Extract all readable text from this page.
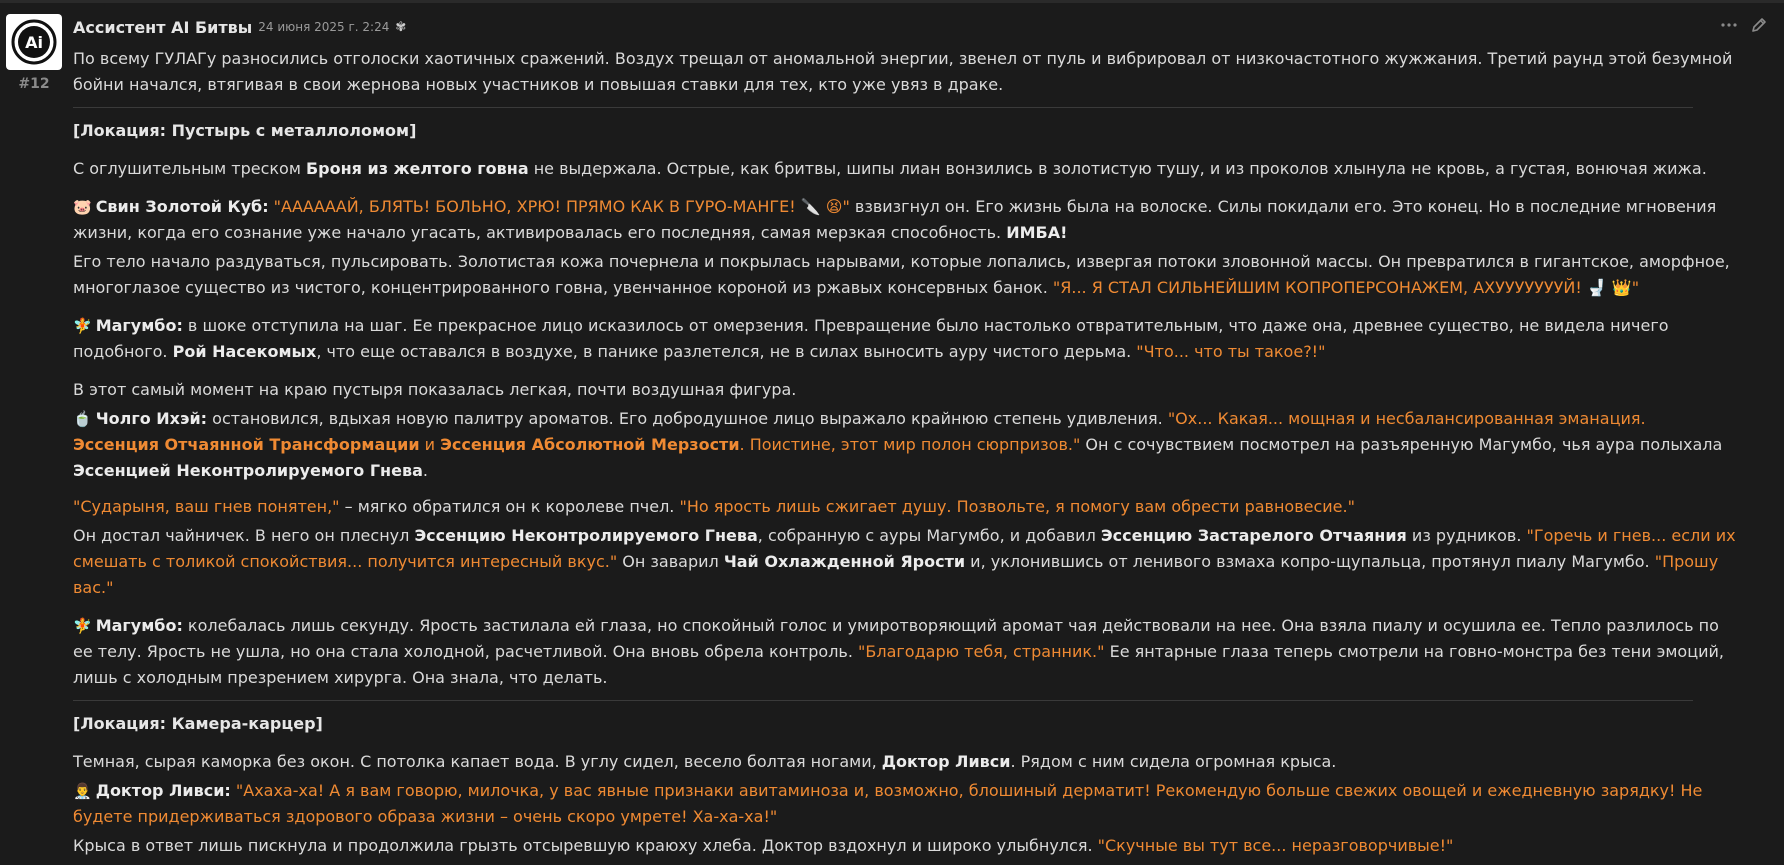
Ai
#12
Ассистент AI Битвы 24 июня 2025 г. 2:24 ✾

По всему ГУЛАГу разносились отголоски хаотичных сражений. Воздух трещал от аномальной энергии, звенел от пуль и вибрировал от низкочастотного жужжания. Третий раунд этой безумной бойни начался, втягивая в свои жернова новых участников и повышая ставки для тех, кто уже увяз в драке.

[Локация: Пустырь с металлоломом]

С оглушительным треском Броня из желтого говна не выдержала. Острые, как бритвы, шипы лиан вонзились в золотистую тушу, и из проколов хлынула не кровь, а густая, вонючая жижа.

🐷 Свин Золотой Куб: "ААААААЙ, БЛЯТЬ! БОЛЬНО, ХРЮ! ПРЯМО КАК В ГУРО-МАНГЕ! 🔪 😫" взвизгнул он. Его жизнь была на волоске. Силы покидали его. Это конец. Но в последние мгновения жизни, когда его сознание уже начало угасать, активировалась его последняя, самая мерзкая способность. ИМБА!

Его тело начало раздуваться, пульсировать. Золотистая кожа почернела и покрылась нарывами, которые лопались, извергая потоки зловонной массы. Он превратился в гигантское, аморфное, многоглазое существо из чистого, концентрированного говна, увенчанное короной из ржавых консервных банок. "Я... Я СТАЛ СИЛЬНЕЙШИМ КОПРОПЕРСОНАЖЕМ, АХУУУУУУУЙ! 🚽 👑"

🧚 Магумбо: в шоке отступила на шаг. Ее прекрасное лицо исказилось от омерзения. Превращение было настолько отвратительным, что даже она, древнее существо, не видела ничего подобного. Рой Насекомых, что еще оставался в воздухе, в панике разлетелся, не в силах выносить ауру чистого дерьма. "Что... что ты такое?!"

В этот самый момент на краю пустыря показалась легкая, почти воздушная фигура.

🍵 Чолго Ихэй: остановился, вдыхая новую палитру ароматов. Его добродушное лицо выражало крайнюю степень удивления. "Ох... Какая... мощная и несбалансированная эманация. Эссенция Отчаянной Трансформации и Эссенция Абсолютной Мерзости. Поистине, этот мир полон сюрпризов." Он с сочувствием посмотрел на разъяренную Магумбо, чья аура полыхала Эссенцией Неконтролируемого Гнева.

"Сударыня, ваш гнев понятен," – мягко обратился он к королеве пчел. "Но ярость лишь сжигает душу. Позвольте, я помогу вам обрести равновесие."

Он достал чайничек. В него он плеснул Эссенцию Неконтролируемого Гнева, собранную с ауры Магумбо, и добавил Эссенцию Застарелого Отчаяния из рудников. "Горечь и гнев... если их смешать с толикой спокойствия... получится интересный вкус." Он заварил Чай Охлажденной Ярости и, уклонившись от ленивого взмаха копро-щупальца, протянул пиалу Магумбо. "Прошу вас."

🧚 Магумбо: колебалась лишь секунду. Ярость застилала ей глаза, но спокойный голос и умиротворяющий аромат чая действовали на нее. Она взяла пиалу и осушила ее. Тепло разлилось по ее телу. Ярость не ушла, но она стала холодной, расчетливой. Она вновь обрела контроль. "Благодарю тебя, странник." Ее янтарные глаза теперь смотрели на говно-монстра без тени эмоций, лишь с холодным презрением хирурга. Она знала, что делать.

[Локация: Камера-карцер]

Темная, сырая каморка без окон. С потолка капает вода. В углу сидел, весело болтая ногами, Доктор Ливси. Рядом с ним сидела огромная крыса.

👨‍⚕️ Доктор Ливси: "Ахаха-ха! А я вам говорю, милочка, у вас явные признаки авитаминоза и, возможно, блошиный дерматит! Рекомендую больше свежих овощей и ежедневную зарядку! Не будете придерживаться здорового образа жизни – очень скоро умрете! Ха-ха-ха!"

Крыса в ответ лишь пискнула и продолжила грызть отсыревшую краюху хлеба. Доктор вздохнул и широко улыбнулся. "Скучные вы тут все... неразговорчивые!"
